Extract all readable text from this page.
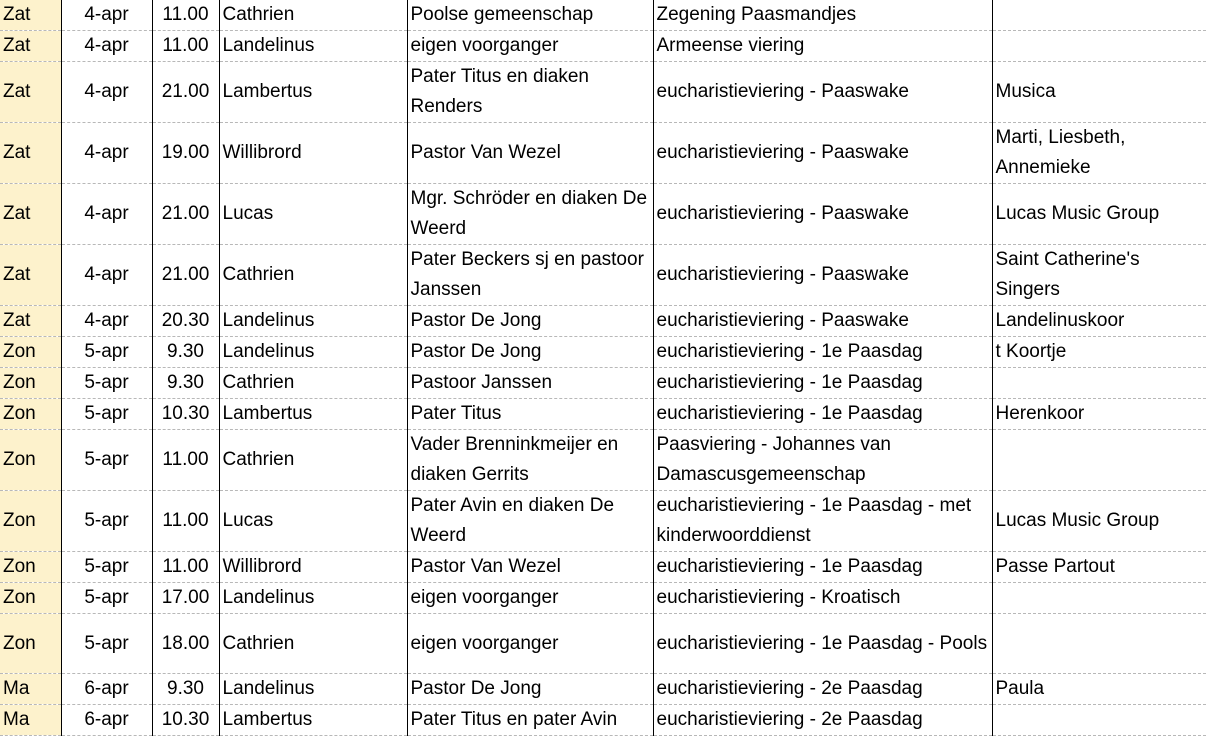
Zat	4-apr	11.00	Cathrien	Poolse gemeenschap	Zegening Paasmandjes	
Zat	4-apr	11.00	Landelinus	eigen voorganger	Armeense viering	
Zat	4-apr	21.00	Lambertus	Pater Titus en diaken Renders	eucharistieviering - Paaswake	Musica
Zat	4-apr	19.00	Willibrord	Pastor Van Wezel	eucharistieviering - Paaswake	Marti, Liesbeth, Annemieke
Zat	4-apr	21.00	Lucas	Mgr. Schröder en diaken De Weerd	eucharistieviering - Paaswake	Lucas Music Group
Zat	4-apr	21.00	Cathrien	Pater Beckers sj en pastoor Janssen	eucharistieviering - Paaswake	Saint Catherine's Singers
Zat	4-apr	20.30	Landelinus	Pastor De Jong	eucharistieviering - Paaswake	Landelinuskoor
Zon	5-apr	9.30	Landelinus	Pastor De Jong	eucharistieviering - 1e Paasdag	t Koortje
Zon	5-apr	9.30	Cathrien	Pastoor Janssen	eucharistieviering - 1e Paasdag	
Zon	5-apr	10.30	Lambertus	Pater Titus	eucharistieviering - 1e Paasdag	Herenkoor
Zon	5-apr	11.00	Cathrien	Vader Brenninkmeijer en diaken Gerrits	Paasviering - Johannes van Damascusgemeenschap	
Zon	5-apr	11.00	Lucas	Pater Avin en diaken De Weerd	eucharistieviering - 1e Paasdag - met kinderwoorddienst	Lucas Music Group
Zon	5-apr	11.00	Willibrord	Pastor Van Wezel	eucharistieviering - 1e Paasdag	Passe Partout
Zon	5-apr	17.00	Landelinus	eigen voorganger	eucharistieviering - Kroatisch	
Zon	5-apr	18.00	Cathrien	eigen voorganger	eucharistieviering - 1e Paasdag - Pools	
Ma	6-apr	9.30	Landelinus	Pastor De Jong	eucharistieviering - 2e Paasdag	Paula
Ma	6-apr	10.30	Lambertus	Pater Titus en pater Avin	eucharistieviering - 2e Paasdag	
